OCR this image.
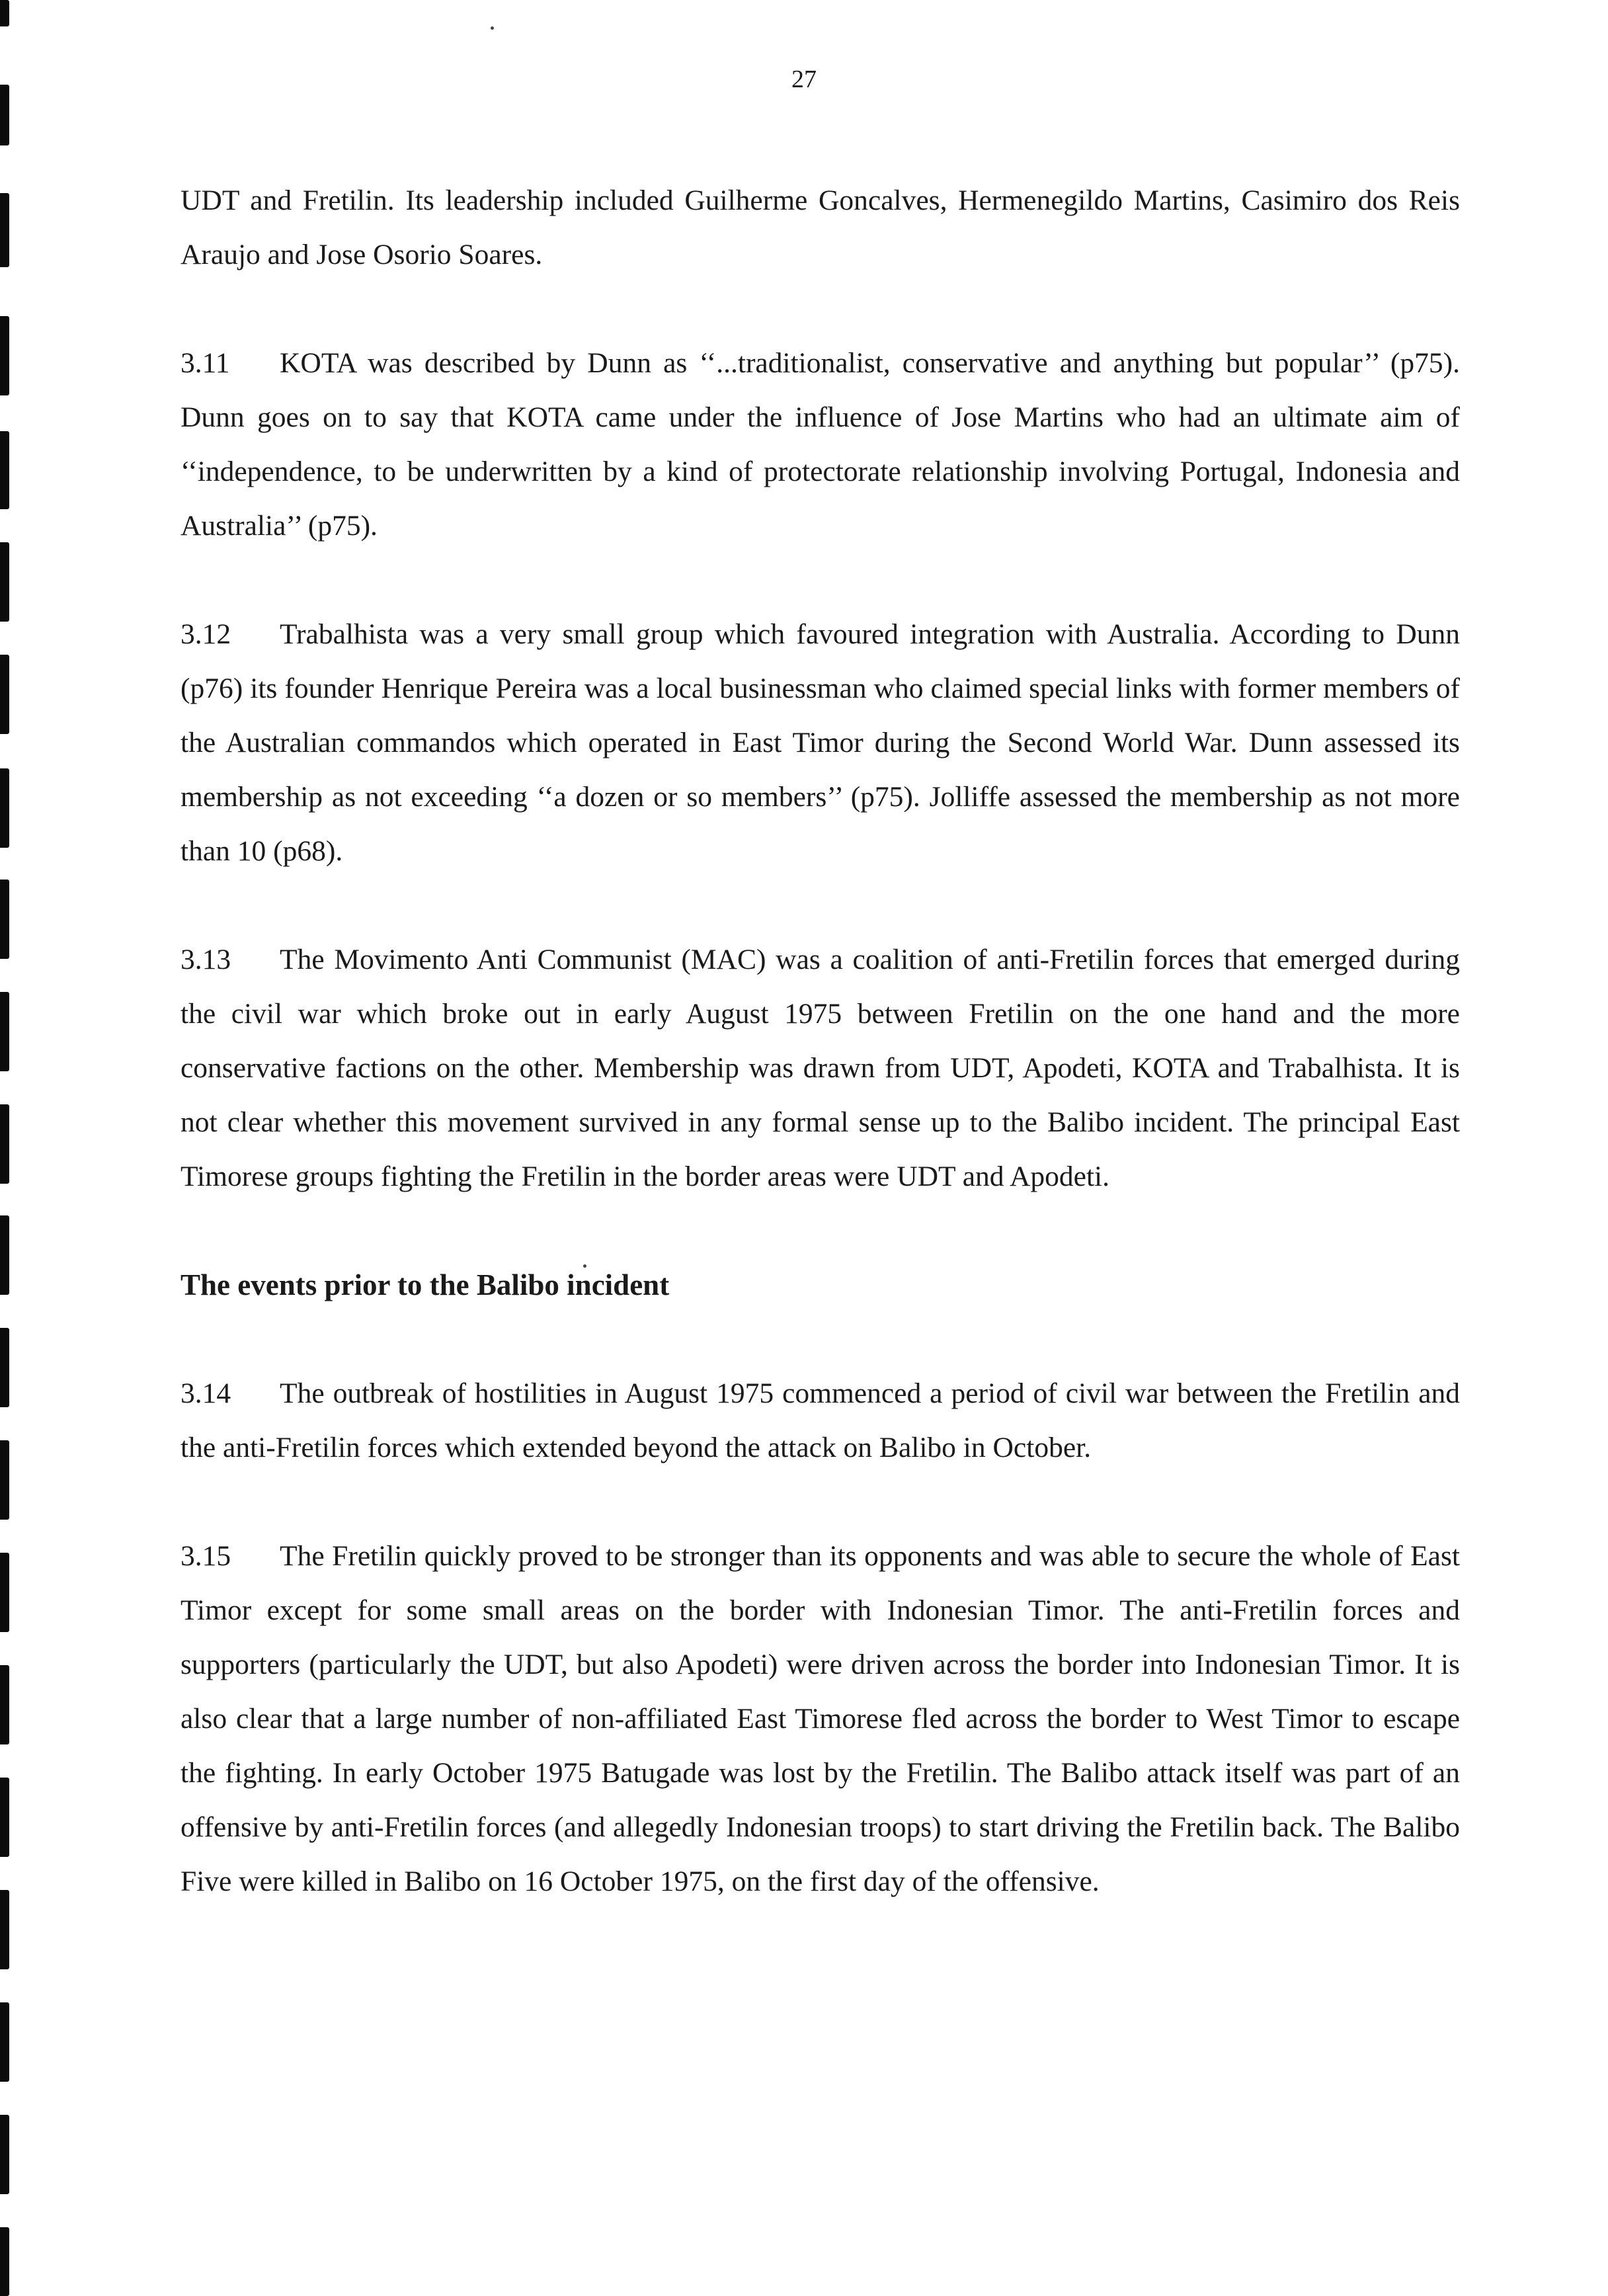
27

UDT and Fretilin. Its leadership included Guilherme Goncalves, Hermenegildo Martins, Casimiro dos Reis Araujo and Jose Osorio Soares.

3.11 KOTA was described by Dunn as ‘‘...traditionalist, conservative and anything but popular’’ (p75). Dunn goes on to say that KOTA came under the influence of Jose Martins who had an ultimate aim of ‘‘independence, to be underwritten by a kind of protectorate relationship involving Portugal, Indonesia and Australia’’ (p75).

3.12 Trabalhista was a very small group which favoured integration with Australia. According to Dunn (p76) its founder Henrique Pereira was a local businessman who claimed special links with former members of the Australian commandos which operated in East Timor during the Second World War. Dunn assessed its membership as not exceeding ‘‘a dozen or so members’’ (p75). Jolliffe assessed the membership as not more than 10 (p68).

3.13 The Movimento Anti Communist (MAC) was a coalition of anti-Fretilin forces that emerged during the civil war which broke out in early August 1975 between Fretilin on the one hand and the more conservative factions on the other. Membership was drawn from UDT, Apodeti, KOTA and Trabalhista. It is not clear whether this movement survived in any formal sense up to the Balibo incident. The principal East Timorese groups fighting the Fretilin in the border areas were UDT and Apodeti.

The events prior to the Balibo incident

3.14 The outbreak of hostilities in August 1975 commenced a period of civil war between the Fretilin and the anti-Fretilin forces which extended beyond the attack on Balibo in October.

3.15 The Fretilin quickly proved to be stronger than its opponents and was able to secure the whole of East Timor except for some small areas on the border with Indonesian Timor. The anti-Fretilin forces and supporters (particularly the UDT, but also Apodeti) were driven across the border into Indonesian Timor. It is also clear that a large number of non-affiliated East Timorese fled across the border to West Timor to escape the fighting. In early October 1975 Batugade was lost by the Fretilin. The Balibo attack itself was part of an offensive by anti-Fretilin forces (and allegedly Indonesian troops) to start driving the Fretilin back. The Balibo Five were killed in Balibo on 16 October 1975, on the first day of the offensive.
